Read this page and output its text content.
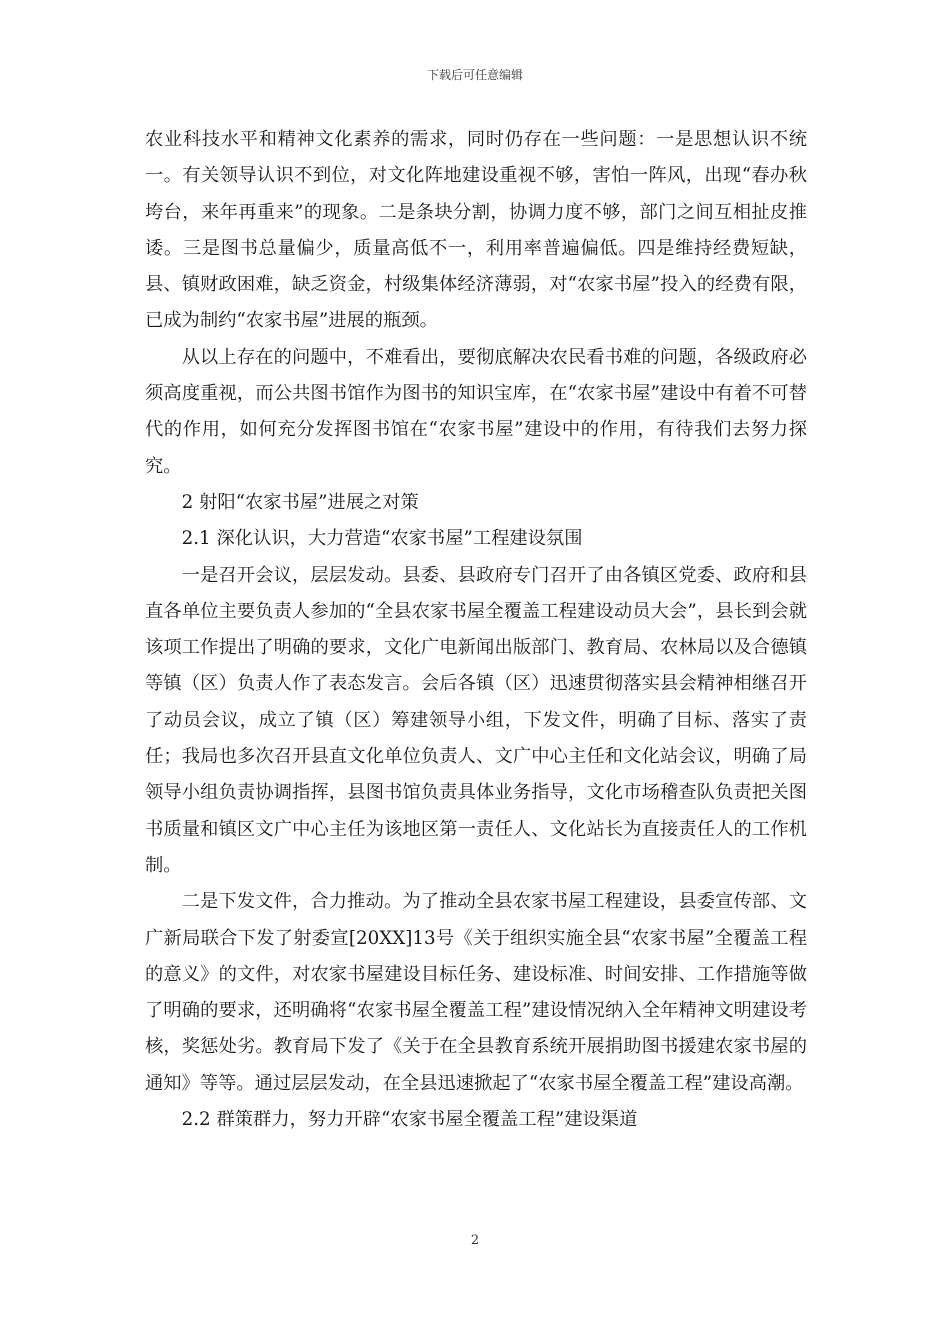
下载后可任意编辑

农业科技水平和精神文化素养的需求，同时仍存在一些问题：一是思想认识不统一。有关领导认识不到位，对文化阵地建设重视不够，害怕一阵风，出现“春办秋垮台，来年再重来”的现象。二是条块分割，协调力度不够，部门之间互相扯皮推诿。三是图书总量偏少，质量高低不一，利用率普遍偏低。四是维持经费短缺，县、镇财政困难，缺乏资金，村级集体经济薄弱，对“农家书屋”投入的经费有限，已成为制约“农家书屋”进展的瓶颈。

从以上存在的问题中，不难看出，要彻底解决农民看书难的问题，各级政府必须高度重视，而公共图书馆作为图书的知识宝库，在“农家书屋”建设中有着不可替代的作用，如何充分发挥图书馆在“农家书屋”建设中的作用，有待我们去努力探究。

2 射阳“农家书屋”进展之对策

2.1 深化认识，大力营造“农家书屋”工程建设氛围

一是召开会议，层层发动。县委、县政府专门召开了由各镇区党委、政府和县直各单位主要负责人参加的“全县农家书屋全覆盖工程建设动员大会”，县长到会就该项工作提出了明确的要求，文化广电新闻出版部门、教育局、农林局以及合德镇等镇（区）负责人作了表态发言。会后各镇（区）迅速贯彻落实县会精神相继召开了动员会议，成立了镇（区）筹建领导小组，下发文件，明确了目标、落实了责任；我局也多次召开县直文化单位负责人、文广中心主任和文化站会议，明确了局领导小组负责协调指挥，县图书馆负责具体业务指导，文化市场稽查队负责把关图书质量和镇区文广中心主任为该地区第一责任人、文化站长为直接责任人的工作机制。

二是下发文件，合力推动。为了推动全县农家书屋工程建设，县委宣传部、文广新局联合下发了射委宣[20XX]13号《关于组织实施全县“农家书屋”全覆盖工程的意义》的文件，对农家书屋建设目标任务、建设标准、时间安排、工作措施等做了明确的要求，还明确将“农家书屋全覆盖工程”建设情况纳入全年精神文明建设考核，奖惩处劣。教育局下发了《关于在全县教育系统开展捐助图书援建农家书屋的通知》等等。通过层层发动，在全县迅速掀起了“农家书屋全覆盖工程”建设高潮。

2.2 群策群力，努力开辟“农家书屋全覆盖工程”建设渠道

2
